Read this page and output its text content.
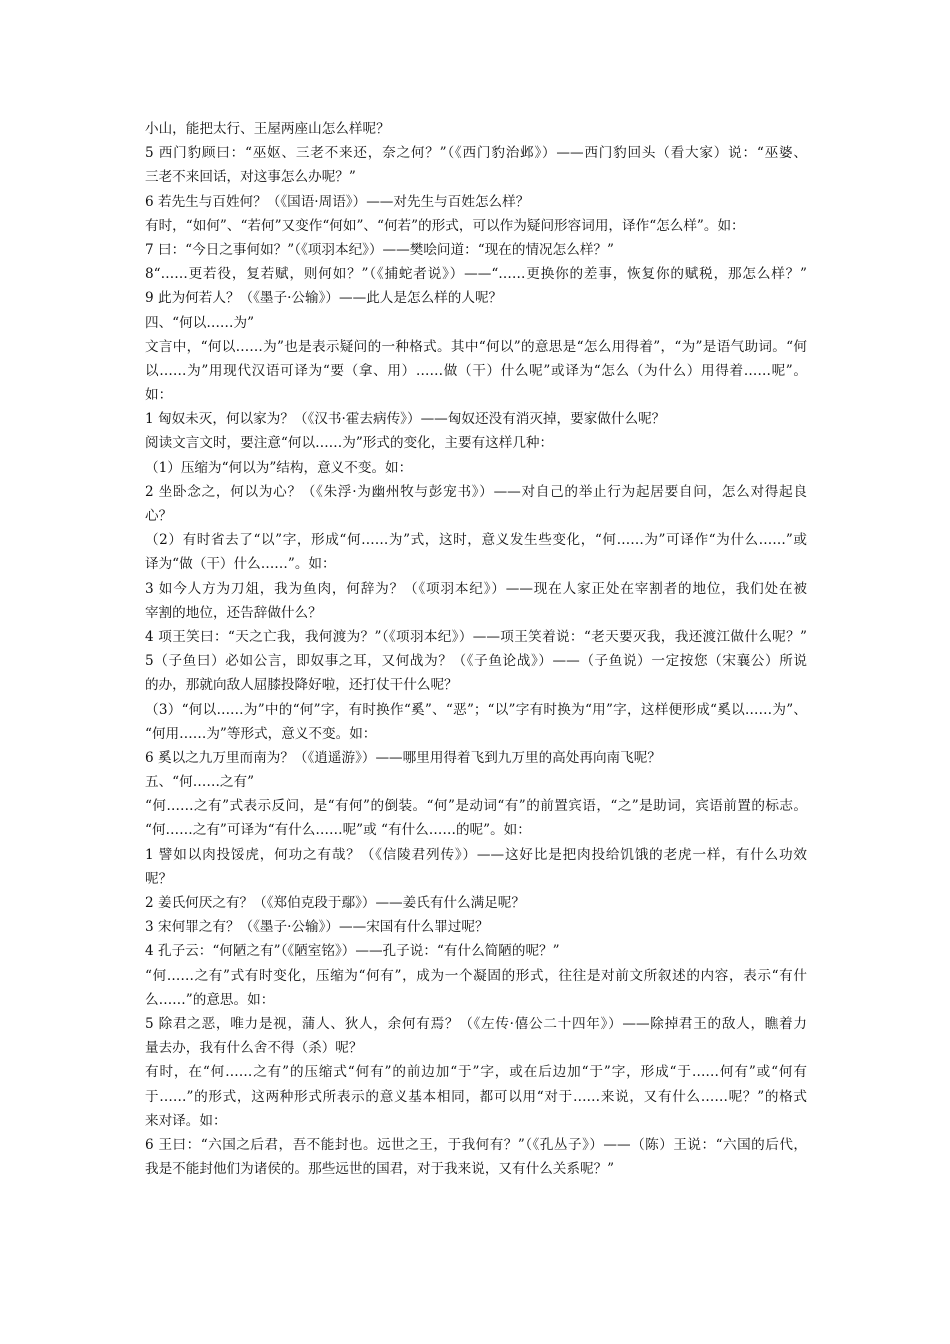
小山，能把太行、王屋两座山怎么样呢？
5 西门豹顾曰：“巫妪、三老不来还，奈之何？”（《西门豹治邺》）——西门豹回头（看大家）说：“巫婆、
三老不来回话，对这事怎么办呢？”
6 若先生与百姓何？（《国语·周语》）——对先生与百姓怎么样？
有时，“如何”、“若何”又变作“何如”、“何若”的形式，可以作为疑问形容词用，译作“怎么样”。如：
7 曰：“今日之事何如？”（《项羽本纪》）——樊哙问道：“现在的情况怎么样？”
8“……更若役，复若赋，则何如？”（《捕蛇者说》）——“……更换你的差事，恢复你的赋税，那怎么样？”
9 此为何若人？（《墨子·公输》）——此人是怎么样的人呢？
四、“何以……为”
文言中，“何以……为”也是表示疑问的一种格式。其中“何以”的意思是“怎么用得着”，“为”是语气助词。“何
以……为”用现代汉语可译为“要（拿、用）……做（干）什么呢”或译为“怎么（为什么）用得着……呢”。
如：
1 匈奴未灭，何以家为？（《汉书·霍去病传》）——匈奴还没有消灭掉，要家做什么呢？
阅读文言文时，要注意“何以……为”形式的变化，主要有这样几种：
（1）压缩为“何以为”结构，意义不变。如：
2 坐卧念之，何以为心？（《朱浮·为幽州牧与彭宠书》）——对自己的举止行为起居要自问，怎么对得起良
心？
（2）有时省去了“以”字，形成“何……为”式，这时，意义发生些变化，“何……为”可译作“为什么……”或
译为“做（干）什么……”。如：
3 如今人方为刀俎，我为鱼肉，何辞为？（《项羽本纪》）——现在人家正处在宰割者的地位，我们处在被
宰割的地位，还告辞做什么？
4 项王笑曰：“天之亡我，我何渡为？”（《项羽本纪》）——项王笑着说：“老天要灭我，我还渡江做什么呢？”
5（子鱼曰）必如公言，即奴事之耳，又何战为？（《子鱼论战》）——（子鱼说）一定按您（宋襄公）所说
的办，那就向敌人屈膝投降好啦，还打仗干什么呢？
（3）“何以……为”中的“何”字，有时换作“奚”、“恶”；“以”字有时换为“用”字，这样便形成“奚以……为”、
“何用……为”等形式，意义不变。如：
6 奚以之九万里而南为？（《逍遥游》）——哪里用得着飞到九万里的高处再向南飞呢？
五、“何……之有”
“何……之有”式表示反问，是“有何”的倒装。“何”是动词“有”的前置宾语，“之”是助词，宾语前置的标志。
“何……之有”可译为“有什么……呢”或 “有什么……的呢”。如：
1 譬如以肉投馁虎，何功之有哉？（《信陵君列传》）——这好比是把肉投给饥饿的老虎一样，有什么功效
呢？
2 姜氏何厌之有？（《郑伯克段于鄢》）——姜氏有什么满足呢？
3 宋何罪之有？（《墨子·公输》）——宋国有什么罪过呢？
4 孔子云：“何陋之有”（《陋室铭》）——孔子说：“有什么简陋的呢？”
“何……之有”式有时变化，压缩为“何有”，成为一个凝固的形式，往往是对前文所叙述的内容，表示“有什
么……”的意思。如：
5 除君之恶，唯力是视，蒲人、狄人，余何有焉？（《左传·僖公二十四年》）——除掉君王的敌人，瞧着力
量去办，我有什么舍不得（杀）呢？
有时，在“何……之有”的压缩式“何有”的前边加“于”字，或在后边加“于”字，形成“于……何有”或“何有
于……”的形式，这两种形式所表示的意义基本相同，都可以用“对于……来说，又有什么……呢？”的格式
来对译。如：
6 王曰：“六国之后君，吾不能封也。远世之王，于我何有？”（《孔丛子》）——（陈）王说：“六国的后代，
我是不能封他们为诸侯的。那些远世的国君，对于我来说，又有什么关系呢？”
